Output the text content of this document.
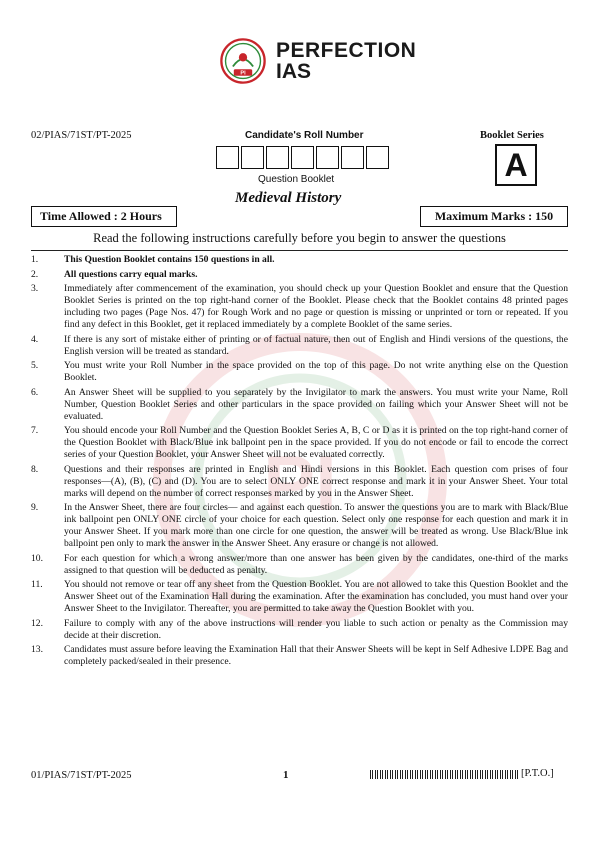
PI
PI
PERFECTION
IAS
02/PIAS/71ST/PT-2025	Candidate's Roll Number
Question Booklet
Booklet Series
A
Medieval History
Time Allowed : 2 Hours	Maximum Marks : 150
Read the following instructions carefully before you begin to answer the questions
1.	This Question Booklet contains 150 questions in all.
2.	All questions carry equal marks.
3.	Immediately after commencement of the examination, you should check up your Question Booklet and ensure that the Question Booklet Series is printed on the top right-hand corner of the Booklet. Please check that the Booklet contains 48 printed pages including two pages (Page Nos. 47) for Rough Work and no page or question is missing or unprinted or torn or repeated. If you find any defect in this Booklet, get it replaced immediately by a complete Booklet of the same series.
4.	If there is any sort of mistake either of printing or of factual nature, then out of English and Hindi versions of the questions, the English version will be treated as standard.
5.	You must write your Roll Number in the space provided on the top of this page. Do not write anything else on the Question Booklet.
6.	An Answer Sheet will be supplied to you separately by the Invigilator to mark the answers. You must write your Name, Roll Number, Question Booklet Series and other particulars in the space provided on failing which your Answer Sheet will not be evaluated.
7.	You should encode your Roll Number and the Question Booklet Series A, B, C or D as it is printed on the top right-hand corner of the Question Booklet with Black/Blue ink ballpoint pen in the space provided. If you do not encode or fail to encode the correct series of your Question Booklet, your Answer Sheet will not be evaluated correctly.
8.	Questions and their responses are printed in English and Hindi versions in this Booklet. Each question com prises of four responses—(A), (B), (C) and (D). You are to select ONLY ONE correct response and mark it in your Answer Sheet. Your total marks will depend on the number of correct responses marked by you in the Answer Sheet.
9.	In the Answer Sheet, there are four circles— and against each question. To answer the questions you are to mark with Black/Blue ink ballpoint pen ONLY ONE circle of your choice for each question. Select only one response for each question and mark it in your Answer Sheet. If you mark more than one circle for one question, the answer will be treated as wrong. Use Black/Blue ink ballpoint pen only to mark the answer in the Answer Sheet. Any erasure or change is not allowed.
10.	For each question for which a wrong answer/more than one answer has been given by the candidates, one-third of the marks assigned to that question will be deducted as penalty.
11.	You should not remove or tear off any sheet from the Question Booklet. You are not allowed to take this Question Booklet and the Answer Sheet out of the Examination Hall during the examination. After the examination has concluded, you must hand over your Answer Sheet to the Invigilator. Thereafter, you are permitted to take away the Question Booklet with you.
12.	Failure to comply with any of the above instructions will render you liable to such action or penalty as the Commission may decide at their discretion.
13.	Candidates must assure before leaving the Examination Hall that their Answer Sheets will be kept in Self Adhesive LDPE Bag and completely packed/sealed in their presence.
01/PIAS/71ST/PT-2025	1	[P.T.O.]
